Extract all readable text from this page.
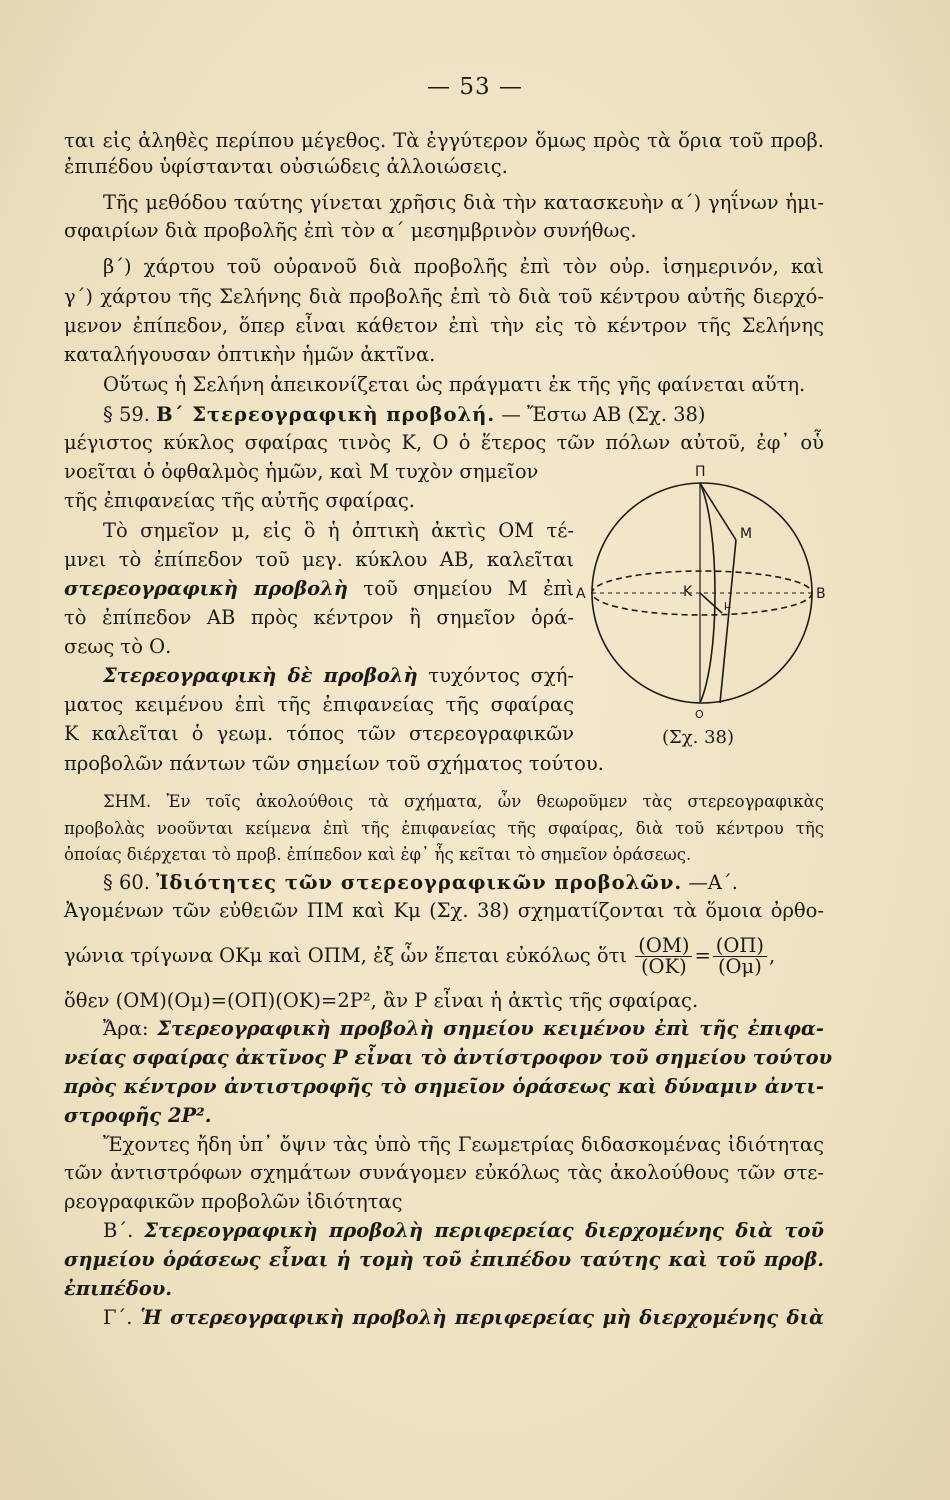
— 53 —
ται εἰς ἀληθὲς περίπου μέγεθος. Τὰ ἐγγύτερον ὅμως πρὸς τὰ ὅρια τοῦ προβ.
ἐπιπέδου ὑφίστανται οὐσιώδεις ἀλλοιώσεις.
Τῆς μεθόδου ταύτης γίνεται χρῆσις διὰ τὴν κατασκευὴν α΄) γηΐνων ἡμι-
σφαιρίων διὰ προβολῆς ἐπὶ τὸν α΄ μεσημβρινὸν συνήθως.
β΄) χάρτου τοῦ οὐρανοῦ διὰ προβολῆς ἐπὶ τὸν οὐρ. ἰσημερινόν, καὶ
γ΄) χάρτου τῆς Σελήνης διὰ προβολῆς ἐπὶ τὸ διὰ τοῦ κέντρου αὐτῆς διερχό-
μενον ἐπίπεδον, ὅπερ εἶναι κάθετον ἐπὶ τὴν εἰς τὸ κέντρον τῆς Σελήνης
καταλήγουσαν ὀπτικὴν ἡμῶν ἀκτῖνα.
Οὕτως ἡ Σελήνη ἀπεικονίζεται ὡς πράγματι ἐκ τῆς γῆς φαίνεται αὕτη.
§ 59. Β΄ Στερεογραφικὴ προβολή. — Ἔστω ΑΒ (Σχ. 38)
μέγιστος κύκλος σφαίρας τινὸς Κ, Ο ὁ ἕτερος τῶν πόλων αὐτοῦ, ἐφ᾽ οὗ
νοεῖται ὁ ὀφθαλμὸς ἡμῶν, καὶ Μ τυχὸν σημεῖον
τῆς ἐπιφανείας τῆς αὐτῆς σφαίρας.
Τὸ σημεῖον μ, εἰς ὃ ἡ ὀπτικὴ ἀκτὶς ΟΜ τέ-
μνει τὸ ἐπίπεδον τοῦ μεγ. κύκλου ΑΒ, καλεῖται
στερεογραφικὴ προβολὴ τοῦ σημείου Μ ἐπὶ
τὸ ἐπίπεδον ΑΒ πρὸς κέντρον ἢ σημεῖον ὁρά-
σεως τὸ Ο.
Στερεογραφικὴ δὲ προβολὴ τυχόντος σχή-
ματος κειμένου ἐπὶ τῆς ἐπιφανείας τῆς σφαίρας
Κ καλεῖται ὁ γεωμ. τόπος τῶν στερεογραφικῶν
προβολῶν πάντων τῶν σημείων τοῦ σχήματος τούτου.
Π
Μ
Κ
Α	Β
μ
Ο
(Σχ. 38)
ΣΗΜ. Ἐν τοῖς ἀκολούθοις τὰ σχήματα, ὧν θεωροῦμεν τὰς στερεογραφικὰς
προβολὰς νοοῦνται κείμενα ἐπὶ τῆς ἐπιφανείας τῆς σφαίρας, διὰ τοῦ κέντρου τῆς
ὁποίας διέρχεται τὸ προβ. ἐπίπεδον καὶ ἐφ᾽ ἧς κεῖται τὸ σημεῖον ὁράσεως.
§ 60. Ἰδιότητες τῶν στερεογραφικῶν προβολῶν. —Α΄.
Ἀγομένων τῶν εὐθειῶν ΠΜ καὶ Κμ (Σχ. 38) σχηματίζονται τὰ ὅμοια ὀρθο-
γώνια τρίγωνα ΟΚμ καὶ ΟΠΜ, ἐξ ὧν ἕπεται εὐκόλως ὅτι $\frac{(OM)}{(OK)} = \frac{(O\Pi)}{(O\mu)}$ ,
ὅθεν (ΟΜ)(Ομ)=(ΟΠ)(ΟΚ)=2Ρ², ἂν Ρ εἶναι ἡ ἀκτὶς τῆς σφαίρας.
Ἄρα: Στερεογραφικὴ προβολὴ σημείου κειμένου ἐπὶ τῆς ἐπιφα-
νείας σφαίρας ἀκτῖνος Ρ εἶναι τὸ ἀντίστροφον τοῦ σημείου τούτου
πρὸς κέντρον ἀντιστροφῆς τὸ σημεῖον ὁράσεως καὶ δύναμιν ἀντι-
στροφῆς 2Ρ².
Ἔχοντες ἤδη ὑπ᾽ ὄψιν τὰς ὑπὸ τῆς Γεωμετρίας διδασκομένας ἰδιότητας
τῶν ἀντιστρόφων σχημάτων συνάγομεν εὐκόλως τὰς ἀκολούθους τῶν στε-
ρεογραφικῶν προβολῶν ἰδιότητας
Β΄. Στερεογραφικὴ προβολὴ περιφερείας διερχομένης διὰ τοῦ
σημείου ὁράσεως εἶναι ἡ τομὴ τοῦ ἐπιπέδου ταύτης καὶ τοῦ προβ.
ἐπιπέδου.
Γ΄. Ἡ στερεογραφικὴ προβολὴ περιφερείας μὴ διερχομένης διὰ
